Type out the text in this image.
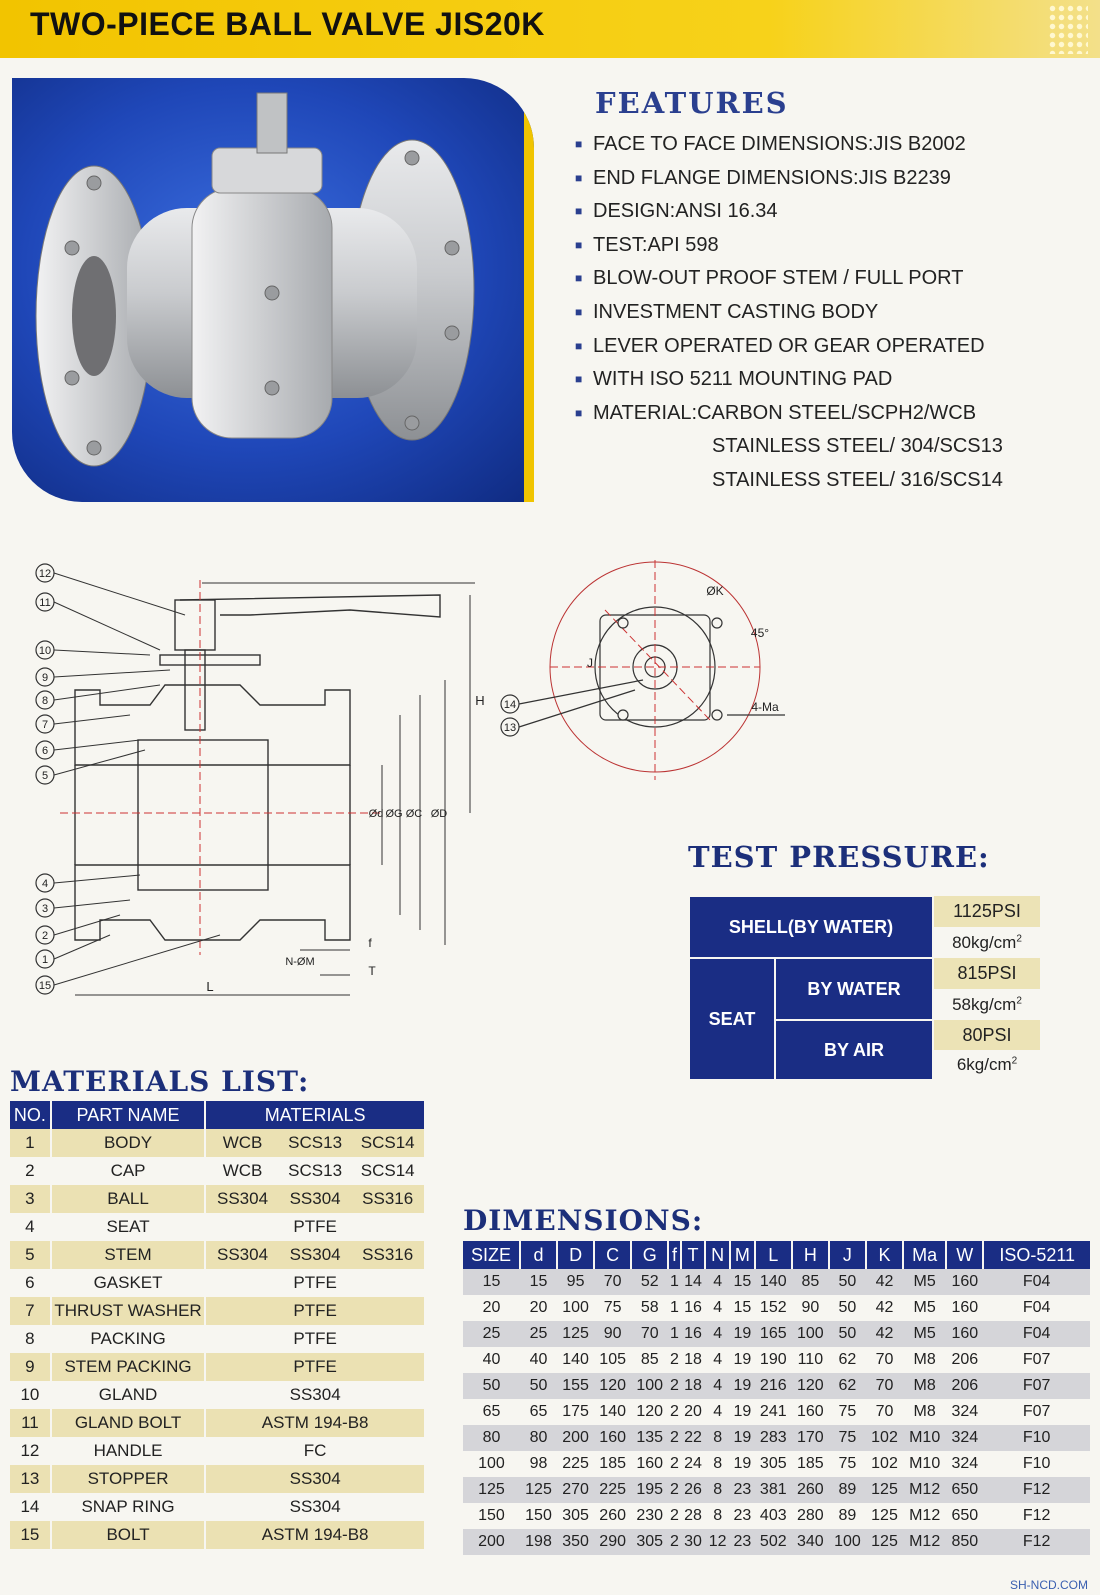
TWO-PIECE BALL VALVE JIS20K
FEATURES
■ FACE TO FACE DIMENSIONS:JIS B2002
■ END FLANGE DIMENSIONS:JIS B2239
■ DESIGN:ANSI 16.34
■ TEST:API 598
■ BLOW-OUT PROOF STEM / FULL PORT
■ INVESTMENT CASTING BODY
■ LEVER OPERATED OR GEAR OPERATED
■ WITH ISO 5211 MOUNTING PAD
■ MATERIAL:CARBON STEEL/SCPH2/WCB
STAINLESS STEEL/ 304/SCS13
STAINLESS STEEL/ 316/SCS14
12
11
10
9
8
7
6
5
4
3
2
1
15
H
L
Ød ØG ØC ØD
f
T
N-ØM
14
13
ØK
45°
J
4-Ma
TEST PRESSURE:
SHELL(BY WATER)		1125PSI
		$80kg/cm^2$
SEAT	BY WATER	815PSI
		$58kg/cm^2$
	BY AIR	80PSI
		$6kg/cm^2$
MATERIALS LIST:
NO.	PART NAME	MATERIALS		
1	BODY	WCB	SCS13	SCS14
2	CAP	WCB	SCS13	SCS14
3	BALL	SS304	SS304	SS316
4	SEAT	PTFE		
5	STEM	SS304	SS304	SS316
6	GASKET	PTFE		
7	THRUST WASHER	PTFE		
8	PACKING	PTFE		
9	STEM PACKING	PTFE		
10	GLAND	SS304		
11	GLAND BOLT	ASTM 194-B8		
12	HANDLE	FC		
13	STOPPER	SS304		
14	SNAP RING	SS304		
15	BOLT	ASTM 194-B8		
DIMENSIONS:
SIZE	d	D	C	G	f	T	N	M	L	H	J	K	Ma	W	ISO-5211
15	15	95	70	52	1	14	4	15	140	85	50	42	M5	160	F04
20	20	100	75	58	1	16	4	15	152	90	50	42	M5	160	F04
25	25	125	90	70	1	16	4	19	165	100	50	42	M5	160	F04
40	40	140	105	85	2	18	4	19	190	110	62	70	M8	206	F07
50	50	155	120	100	2	18	4	19	216	120	62	70	M8	206	F07
65	65	175	140	120	2	20	4	19	241	160	75	70	M8	324	F07
80	80	200	160	135	2	22	8	19	283	170	75	102	M10	324	F10
100	98	225	185	160	2	24	8	19	305	185	75	102	M10	324	F10
125	125	270	225	195	2	26	8	23	381	260	89	125	M12	650	F12
150	150	305	260	230	2	28	8	23	403	280	89	125	M12	650	F12
200	198	350	290	305	2	30	12	23	502	340	100	125	M12	850	F12
SH-NCD.COM
